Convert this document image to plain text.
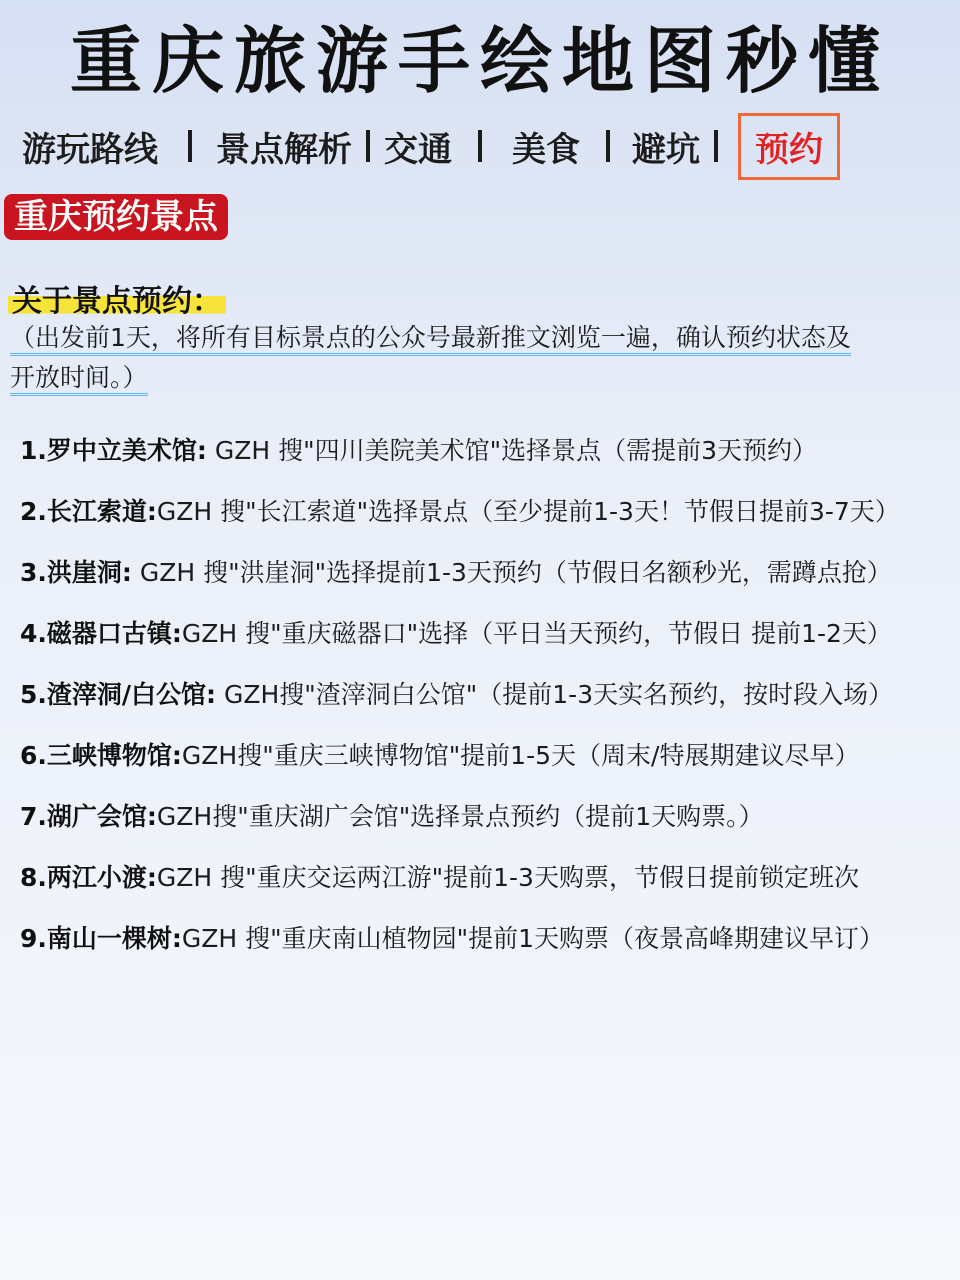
重庆旅游手绘地图秒懂
游玩路线 景点解析 交通 美食 避坑	预约
重庆预约景点
关于景点预约：
（出发前1天，将所有目标景点的公众号最新推文浏览一遍，确认预约状态及
开放时间。）
1.罗中立美术馆: GZH 搜"四川美院美术馆"选择景点（需提前3天预约）
2.长江索道:GZH 搜"长江索道"选择景点（至少提前1-3天！节假日提前3-7天）
3.洪崖洞: GZH 搜"洪崖洞"选择提前1-3天预约（节假日名额秒光，需蹲点抢）
4.磁器口古镇:GZH 搜"重庆磁器口"选择（平日当天预约，节假日 提前1-2天）
5.渣滓洞/白公馆: GZH搜"渣滓洞白公馆"（提前1-3天实名预约，按时段入场）
6.三峡博物馆:GZH搜"重庆三峡博物馆"提前1-5天（周末/特展期建议尽早）
7.湖广会馆:GZH搜"重庆湖广会馆"选择景点预约（提前1天购票。）
8.两江小渡:GZH 搜"重庆交运两江游"提前1-3天购票，节假日提前锁定班次
9.南山一棵树:GZH 搜"重庆南山植物园"提前1天购票（夜景高峰期建议早订）
